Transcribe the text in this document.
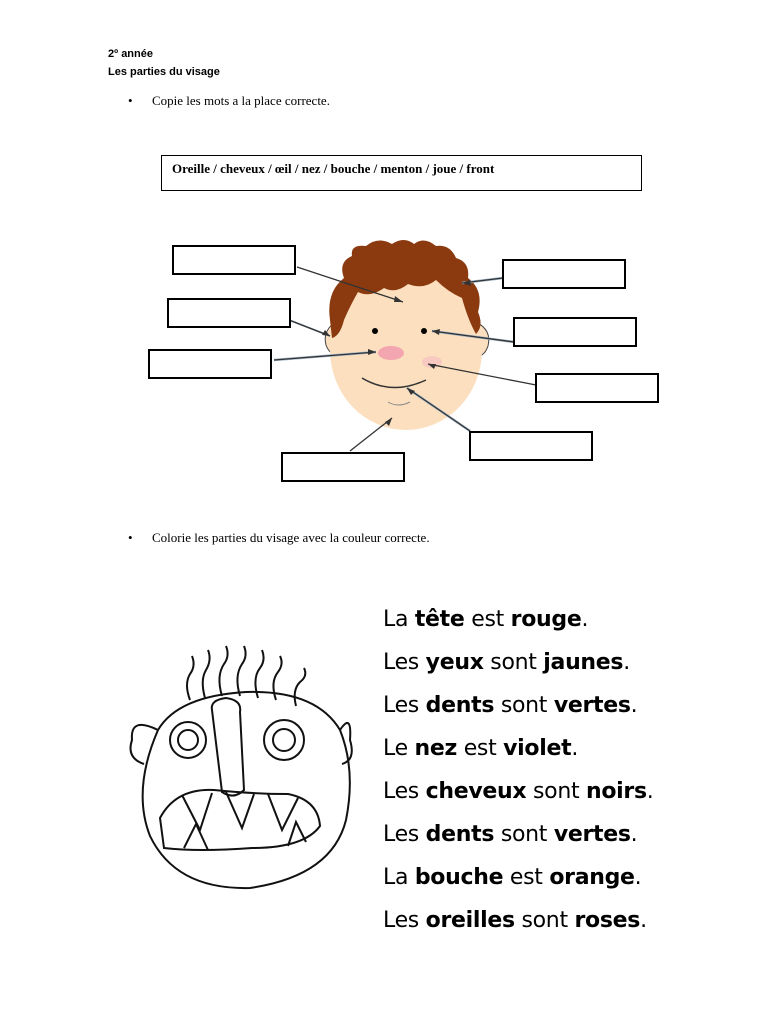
2º année
Les parties du visage
• Copie les mots a la place correcte.
Oreille / cheveux / œil / nez / bouche / menton / joue / front
• Colorie les parties du visage avec la couleur correcte.
La tête est rouge.
Les yeux sont jaunes.
Les dents sont vertes.
Le nez est violet.
Les cheveux sont noirs.
Les dents sont vertes.
La bouche est orange.
Les oreilles sont roses.
